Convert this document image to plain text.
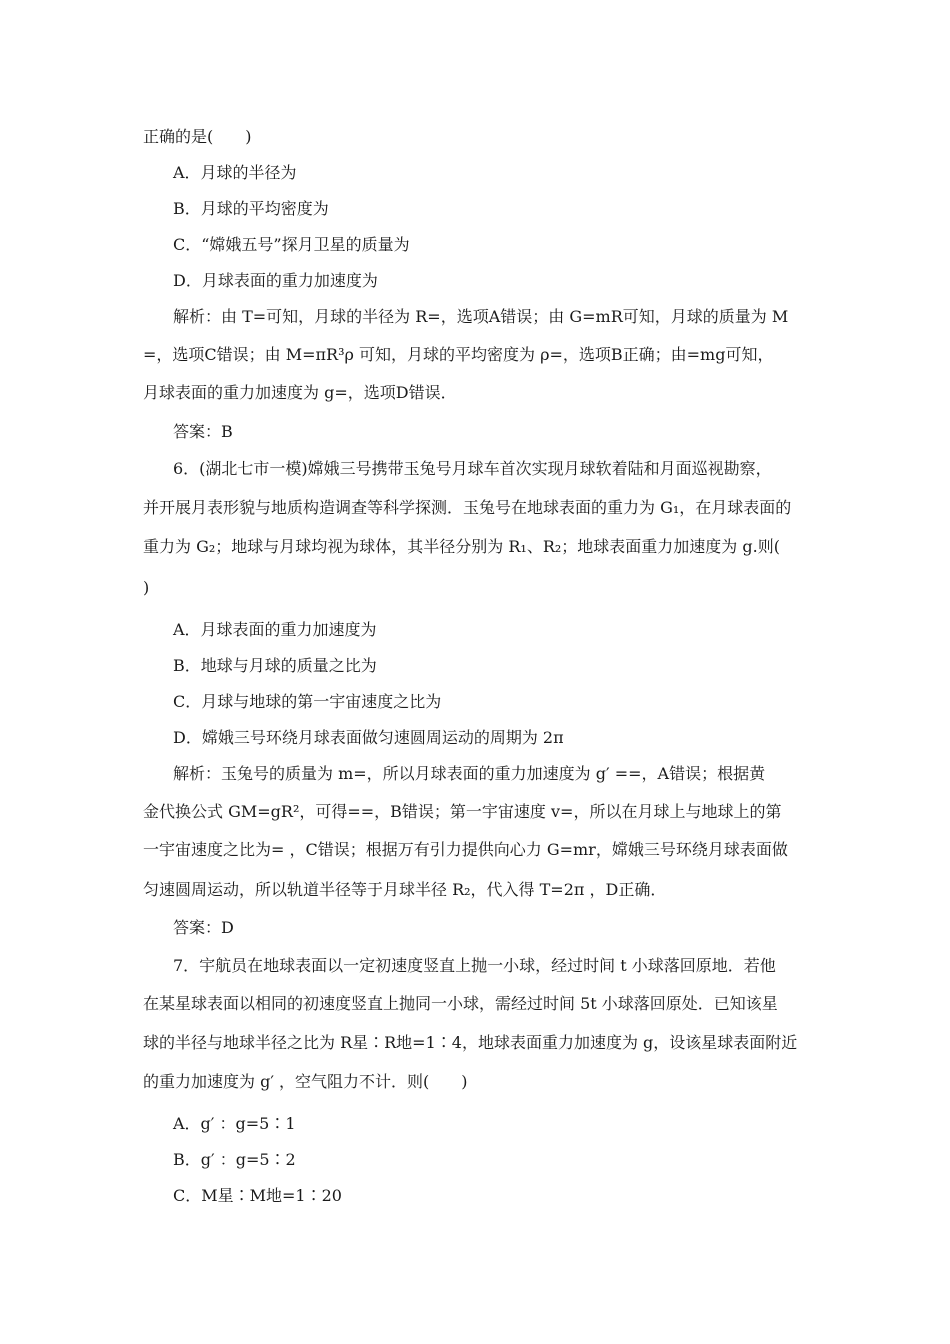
正确的是(　　)
A．月球的半径为
B．月球的平均密度为
C．“嫦娥五号”探月卫星的质量为
D．月球表面的重力加速度为
解析：由 T=可知，月球的半径为 R=，选项A错误；由 G=mR可知，月球的质量为 M
=，选项C错误；由 M=πR³ρ 可知，月球的平均密度为 ρ=，选项B正确；由=mg可知，
月球表面的重力加速度为 g=，选项D错误．
答案：B
6．(湖北七市一模)嫦娥三号携带玉兔号月球车首次实现月球软着陆和月面巡视勘察，
并开展月表形貌与地质构造调查等科学探测．玉兔号在地球表面的重力为 G₁，在月球表面的
重力为 G₂；地球与月球均视为球体，其半径分别为 R₁、R₂；地球表面重力加速度为 g.则(
)
A．月球表面的重力加速度为
B．地球与月球的质量之比为
C．月球与地球的第一宇宙速度之比为
D．嫦娥三号环绕月球表面做匀速圆周运动的周期为 2π
解析：玉兔号的质量为 m=，所以月球表面的重力加速度为 g′ ==，A错误；根据黄
金代换公式 GM=gR²，可得==，B错误；第一宇宙速度 v=，所以在月球上与地球上的第
一宇宙速度之比为= ，C错误；根据万有引力提供向心力 G=mr，嫦娥三号环绕月球表面做
匀速圆周运动，所以轨道半径等于月球半径 R₂，代入得 T=2π ，D正确．
答案：D
7．宇航员在地球表面以一定初速度竖直上抛一小球，经过时间 t 小球落回原地．若他
在某星球表面以相同的初速度竖直上抛同一小球，需经过时间 5t 小球落回原处．已知该星
球的半径与地球半径之比为 R星∶R地=1∶4，地球表面重力加速度为 g，设该星球表面附近
的重力加速度为 g′ ，空气阻力不计．则(　　)
A．g′ ：g=5∶1
B．g′ ：g=5∶2
C．M星∶M地=1∶20
